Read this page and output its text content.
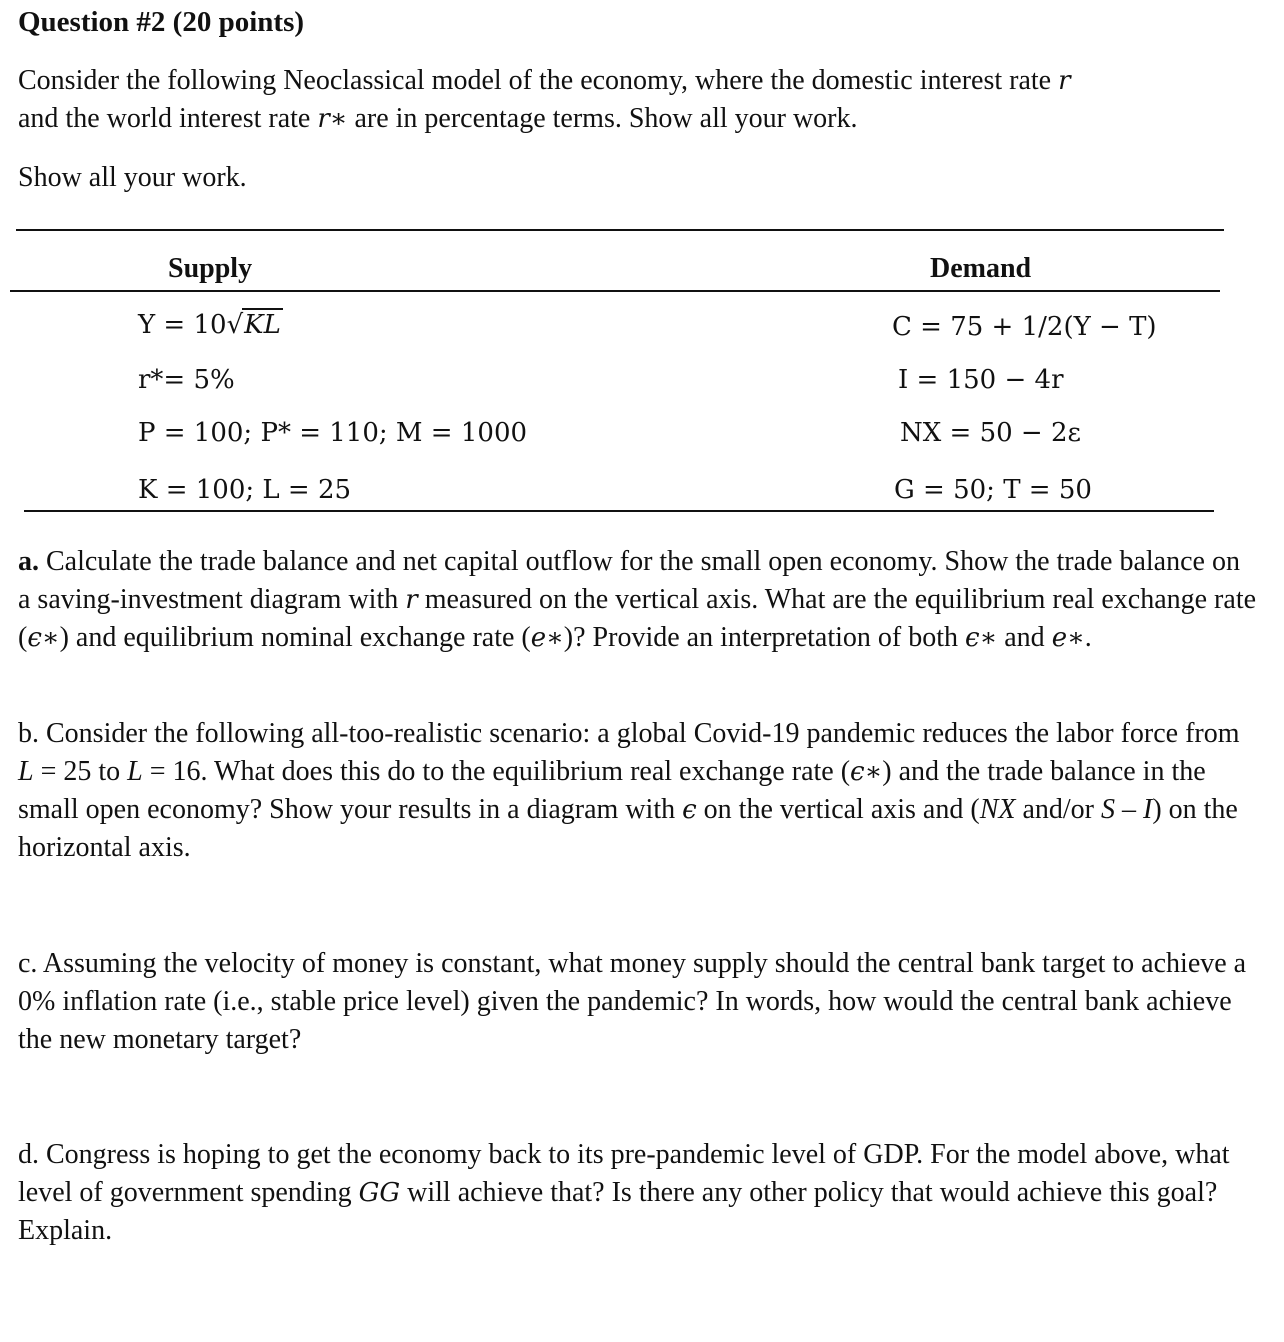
Question #2 (20 points)

Consider the following Neoclassical model of the economy, where the domestic interest rate r
and the world interest rate r∗ are in percentage terms. Show all your work.

Show all your work.

Supply	Demand
Y = 10√KL
r*= 5%
P = 100; P* = 110; M = 1000
K = 100; L = 25
C = 75 + 1/2(Y − T)
I = 150 − 4r
NX = 50 − 2ε
G = 50; T = 50

a. Calculate the trade balance and net capital outflow for the small open economy. Show the trade balance on a saving-investment diagram with r measured on the vertical axis. What are the equilibrium real exchange rate (ϵ∗) and equilibrium nominal exchange rate (e∗)? Provide an interpretation of both ϵ∗ and e∗.

b. Consider the following all-too-realistic scenario: a global Covid-19 pandemic reduces the labor force from L = 25 to L = 16. What does this do to the equilibrium real exchange rate (ϵ∗) and the trade balance in the small open economy? Show your results in a diagram with ϵ on the vertical axis and (NX and/or S – I) on the horizontal axis.

c. Assuming the velocity of money is constant, what money supply should the central bank target to achieve a 0% inflation rate (i.e., stable price level) given the pandemic? In words, how would the central bank achieve the new monetary target?

d. Congress is hoping to get the economy back to its pre-pandemic level of GDP. For the model above, what level of government spending GG will achieve that? Is there any other policy that would achieve this goal? Explain.
